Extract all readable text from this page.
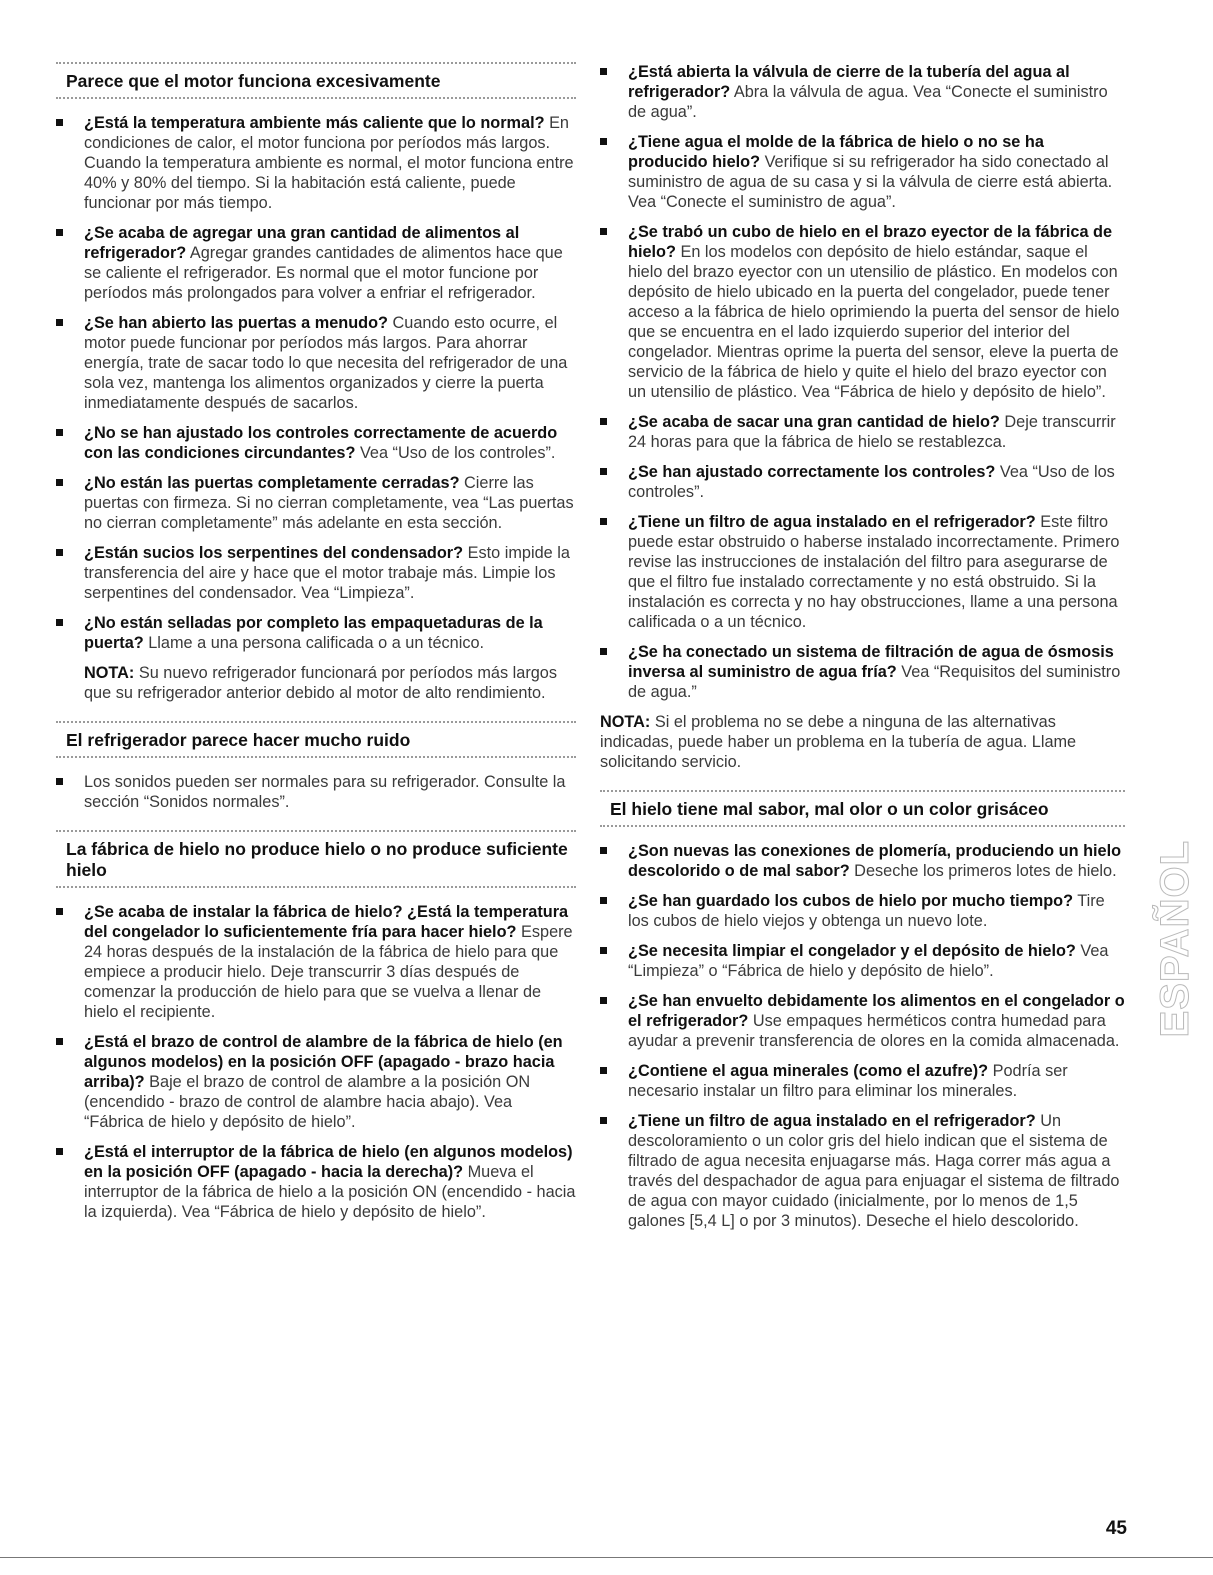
Parece que el motor funciona excesivamente
¿Está la temperatura ambiente más caliente que lo normal? En condiciones de calor, el motor funciona por períodos más largos. Cuando la temperatura ambiente es normal, el motor funciona entre 40% y 80% del tiempo. Si la habitación está caliente, puede funcionar por más tiempo.
¿Se acaba de agregar una gran cantidad de alimentos al refrigerador? Agregar grandes cantidades de alimentos hace que se caliente el refrigerador. Es normal que el motor funcione por períodos más prolongados para volver a enfriar el refrigerador.
¿Se han abierto las puertas a menudo? Cuando esto ocurre, el motor puede funcionar por períodos más largos. Para ahorrar energía, trate de sacar todo lo que necesita del refrigerador de una sola vez, mantenga los alimentos organizados y cierre la puerta inmediatamente después de sacarlos.
¿No se han ajustado los controles correctamente de acuerdo con las condiciones circundantes? Vea “Uso de los controles”.
¿No están las puertas completamente cerradas? Cierre las puertas con firmeza. Si no cierran completamente, vea “Las puertas no cierran completamente” más adelante en esta sección.
¿Están sucios los serpentines del condensador? Esto impide la transferencia del aire y hace que el motor trabaje más. Limpie los serpentines del condensador. Vea “Limpieza”.
¿No están selladas por completo las empaquetaduras de la puerta? Llame a una persona calificada o a un técnico.
NOTA: Su nuevo refrigerador funcionará por períodos más largos que su refrigerador anterior debido al motor de alto rendimiento.
El refrigerador parece hacer mucho ruido
Los sonidos pueden ser normales para su refrigerador. Consulte la sección “Sonidos normales”.
La fábrica de hielo no produce hielo o no produce suficiente hielo
¿Se acaba de instalar la fábrica de hielo? ¿Está la temperatura del congelador lo suficientemente fría para hacer hielo? Espere 24 horas después de la instalación de la fábrica de hielo para que empiece a producir hielo. Deje transcurrir 3 días después de comenzar la producción de hielo para que se vuelva a llenar de hielo el recipiente.
¿Está el brazo de control de alambre de la fábrica de hielo (en algunos modelos) en la posición OFF (apagado - brazo hacia arriba)? Baje el brazo de control de alambre a la posición ON (encendido - brazo de control de alambre hacia abajo). Vea “Fábrica de hielo y depósito de hielo”.
¿Está el interruptor de la fábrica de hielo (en algunos modelos) en la posición OFF (apagado - hacia la derecha)? Mueva el interruptor de la fábrica de hielo a la posición ON (encendido - hacia la izquierda). Vea “Fábrica de hielo y depósito de hielo”.
¿Está abierta la válvula de cierre de la tubería del agua al refrigerador? Abra la válvula de agua. Vea “Conecte el suministro de agua”.
¿Tiene agua el molde de la fábrica de hielo o no se ha producido hielo? Verifique si su refrigerador ha sido conectado al suministro de agua de su casa y si la válvula de cierre está abierta. Vea “Conecte el suministro de agua”.
¿Se trabó un cubo de hielo en el brazo eyector de la fábrica de hielo? En los modelos con depósito de hielo estándar, saque el hielo del brazo eyector con un utensilio de plástico. En modelos con depósito de hielo ubicado en la puerta del congelador, puede tener acceso a la fábrica de hielo oprimiendo la puerta del sensor de hielo que se encuentra en el lado izquierdo superior del interior del congelador. Mientras oprime la puerta del sensor, eleve la puerta de servicio de la fábrica de hielo y quite el hielo del brazo eyector con un utensilio de plástico. Vea “Fábrica de hielo y depósito de hielo”.
¿Se acaba de sacar una gran cantidad de hielo? Deje transcurrir 24 horas para que la fábrica de hielo se restablezca.
¿Se han ajustado correctamente los controles? Vea “Uso de los controles”.
¿Tiene un filtro de agua instalado en el refrigerador? Este filtro puede estar obstruido o haberse instalado incorrectamente. Primero revise las instrucciones de instalación del filtro para asegurarse de que el filtro fue instalado correctamente y no está obstruido. Si la instalación es correcta y no hay obstrucciones, llame a una persona calificada o a un técnico.
¿Se ha conectado un sistema de filtración de agua de ósmosis inversa al suministro de agua fría? Vea “Requisitos del suministro de agua.”
NOTA: Si el problema no se debe a ninguna de las alternativas indicadas, puede haber un problema en la tubería de agua. Llame solicitando servicio.
El hielo tiene mal sabor, mal olor o un color grisáceo
¿Son nuevas las conexiones de plomería, produciendo un hielo descolorido o de mal sabor? Deseche los primeros lotes de hielo.
¿Se han guardado los cubos de hielo por mucho tiempo? Tire los cubos de hielo viejos y obtenga un nuevo lote.
¿Se necesita limpiar el congelador y el depósito de hielo? Vea “Limpieza” o “Fábrica de hielo y depósito de hielo”.
¿Se han envuelto debidamente los alimentos en el congelador o el refrigerador? Use empaques herméticos contra humedad para ayudar a prevenir transferencia de olores en la comida almacenada.
¿Contiene el agua minerales (como el azufre)? Podría ser necesario instalar un filtro para eliminar los minerales.
¿Tiene un filtro de agua instalado en el refrigerador? Un descoloramiento o un color gris del hielo indican que el sistema de filtrado de agua necesita enjuagarse más. Haga correr más agua a través del despachador de agua para enjuagar el sistema de filtrado de agua con mayor cuidado (inicialmente, por lo menos de 1,5 galones [5,4 L] o por 3 minutos). Deseche el hielo descolorido.
ESPAÑOL
45
